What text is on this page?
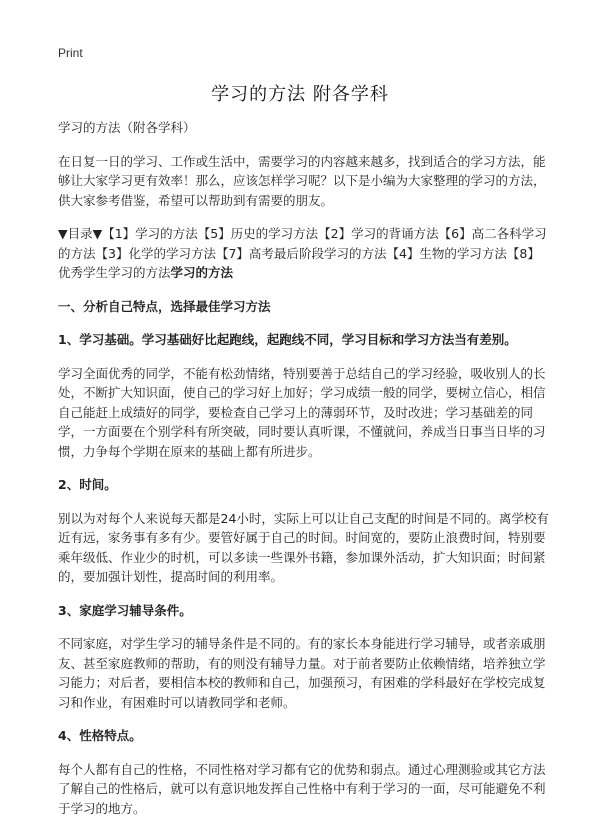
Print
学习的方法 附各学科
学习的方法（附各学科）

在日复一日的学习、工作或生活中，需要学习的内容越来越多，找到适合的学习方法，能够让大家学习更有效率！那么，应该怎样学习呢？以下是小编为大家整理的学习的方法，供大家参考借鉴，希望可以帮助到有需要的朋友。

▼目录▼【1】学习的方法【5】历史的学习方法【2】学习的背诵方法【6】高二各科学习的方法【3】化学的学习方法【7】高考最后阶段学习的方法【4】生物的学习方法【8】优秀学生学习的方法学习的方法
一、分析自己特点，选择最佳学习方法
1、学习基础。学习基础好比起跑线，起跑线不同，学习目标和学习方法当有差别。

学习全面优秀的同学，不能有松劲情绪，特别要善于总结自己的学习经验，吸收别人的长处，不断扩大知识面，使自己的学习好上加好；学习成绩一般的同学，要树立信心，相信自己能赶上成绩好的同学，要检查自己学习上的薄弱环节，及时改进；学习基础差的同学，一方面要在个别学科有所突破，同时要认真听课，不懂就问，养成当日事当日毕的习惯，力争每个学期在原来的基础上都有所进步。

2、时间。

别以为对每个人来说每天都是24小时，实际上可以让自己支配的时间是不同的。离学校有近有远，家务事有多有少。要管好属于自己的时间。时间宽的，要防止浪费时间，特别要乘年级低、作业少的时机，可以多读一些课外书籍，参加课外活动，扩大知识面；时间紧的，要加强计划性，提高时间的利用率。

3、家庭学习辅导条件。

不同家庭，对学生学习的辅导条件是不同的。有的家长本身能进行学习辅导，或者亲戚朋友、甚至家庭教师的帮助，有的则没有辅导力量。对于前者要防止依赖情绪，培养独立学习能力；对后者，要相信本校的教师和自己，加强预习，有困难的学科最好在学校完成复习和作业，有困难时可以请教同学和老师。

4、性格特点。

每个人都有自己的性格，不同性格对学习都有它的优势和弱点。通过心理测验或其它方法了解自己的性格后，就可以有意识地发挥自己性格中有利于学习的一面，尽可能避免不利于学习的地方。
